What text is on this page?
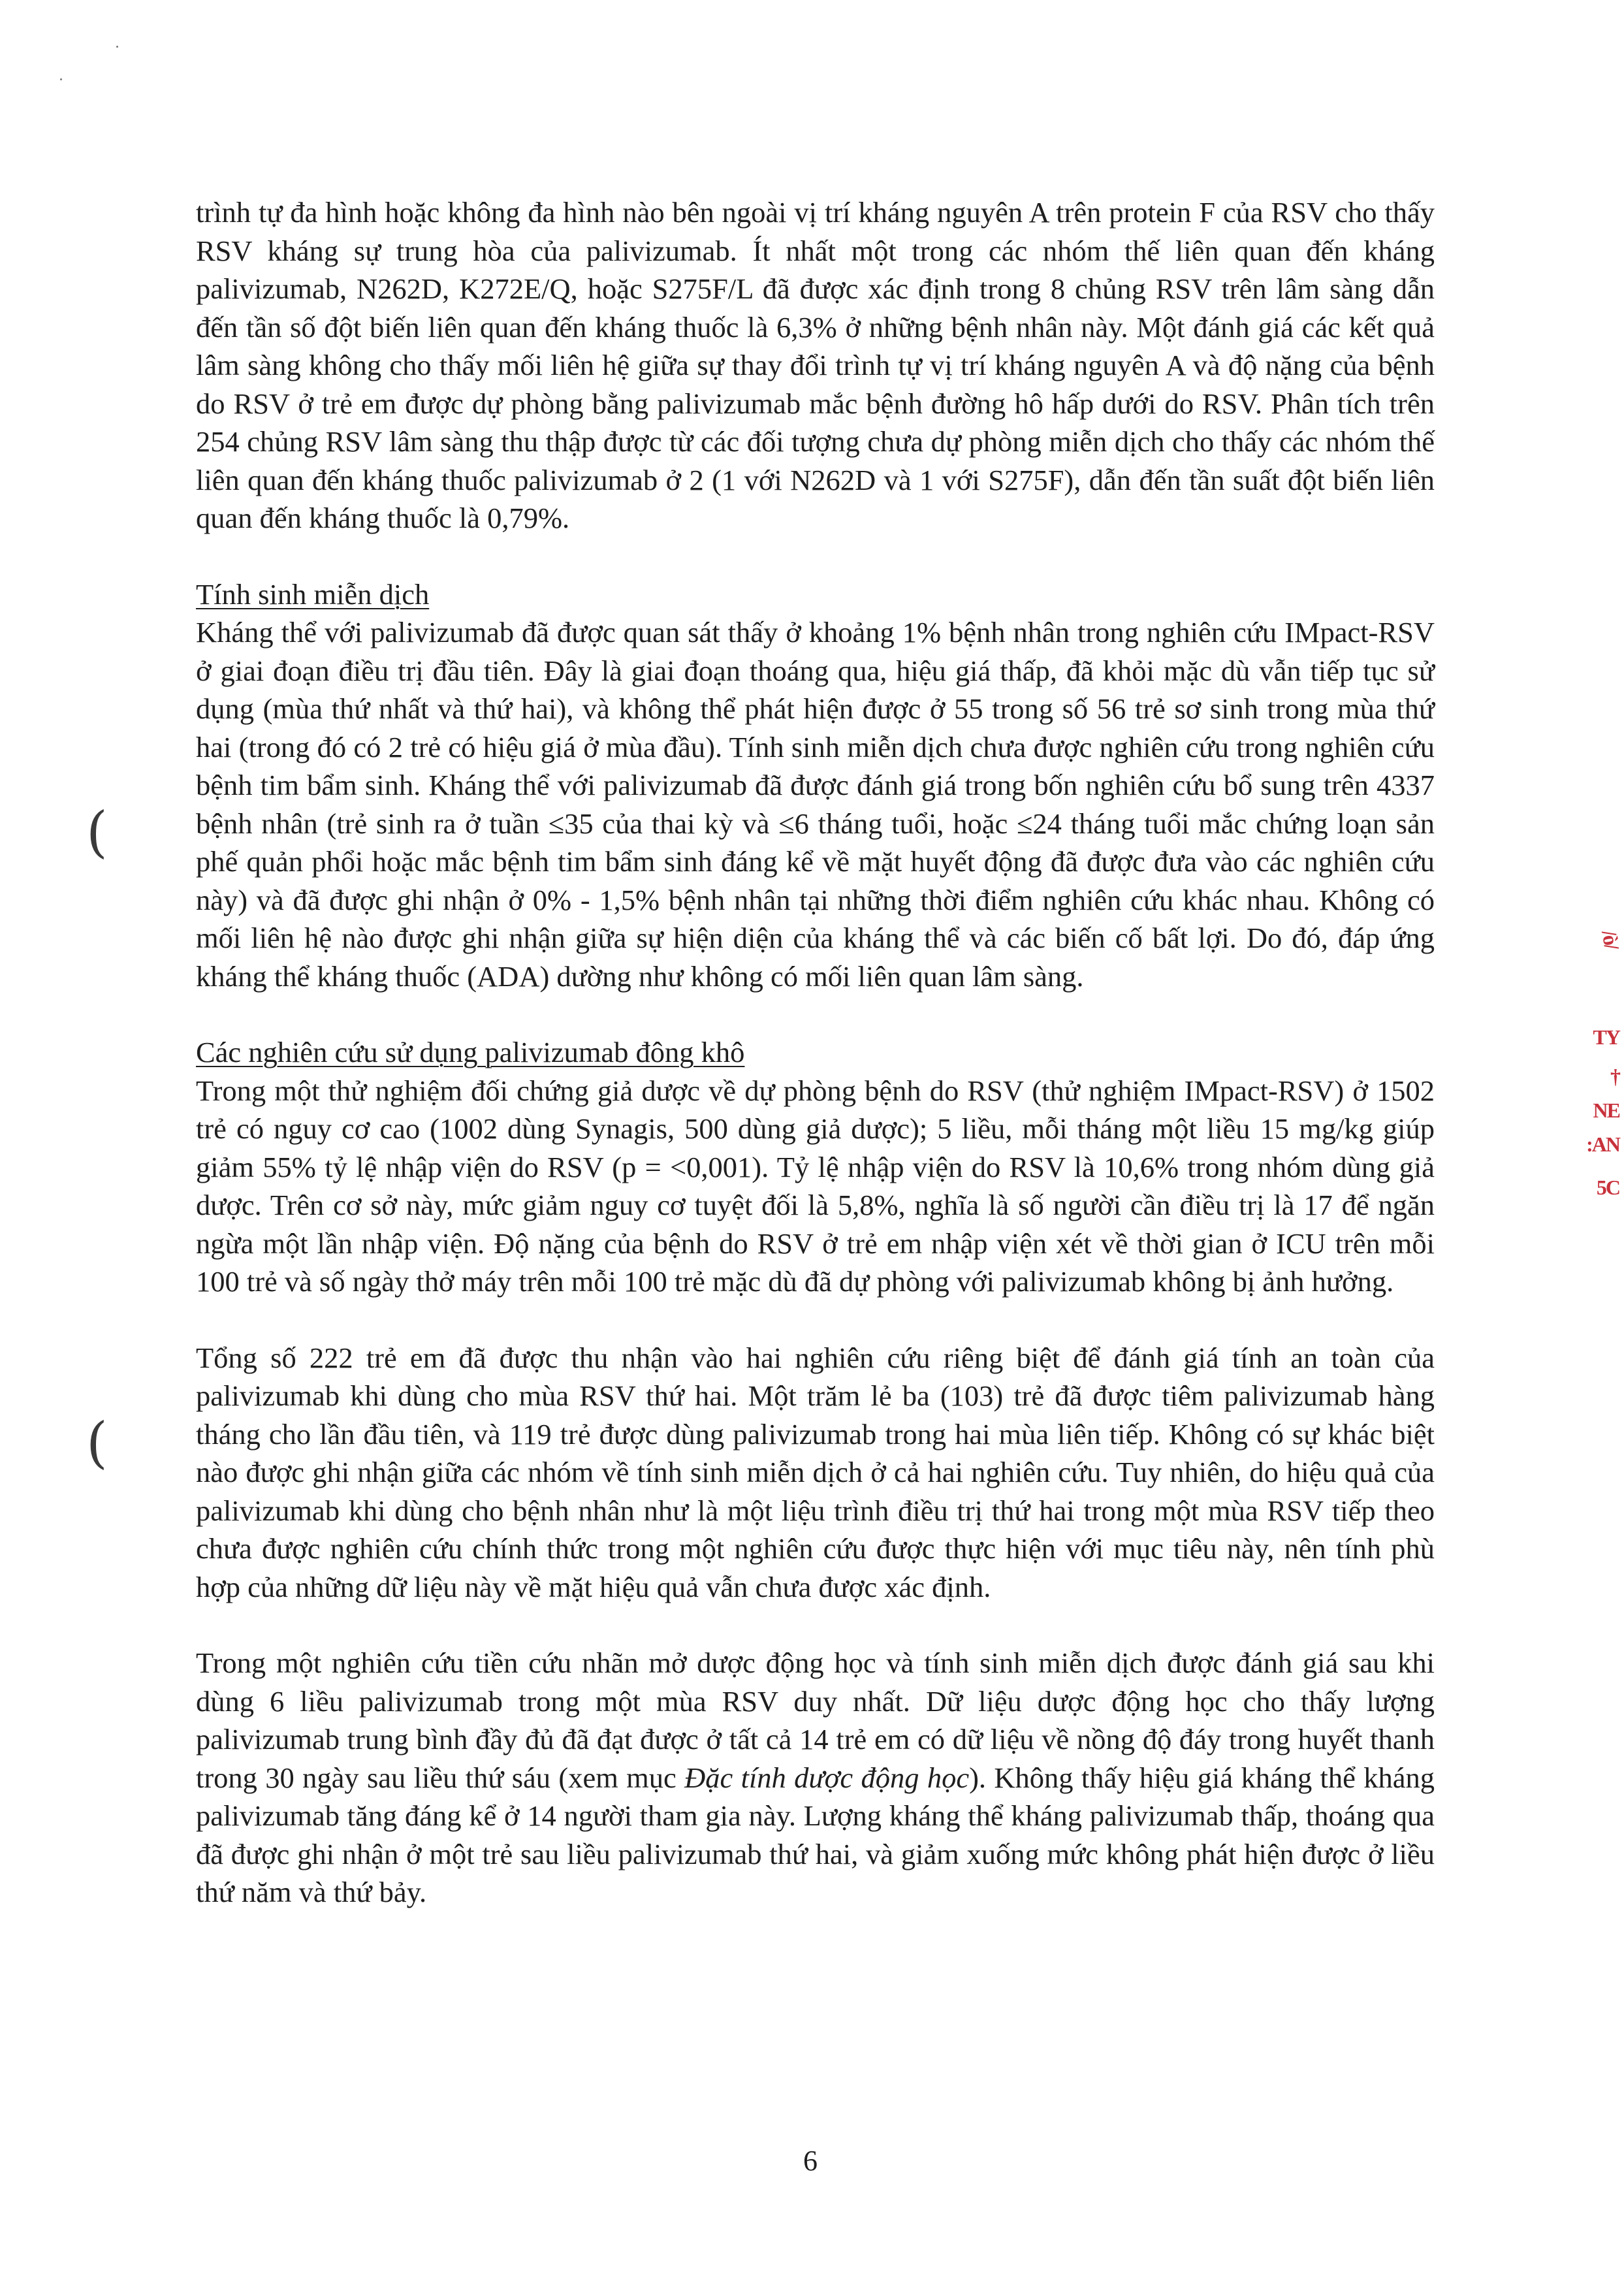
(
(
/ò/
TY
†
NE
:AN
5C

trình tự đa hình hoặc không đa hình nào bên ngoài vị trí kháng nguyên A trên protein F của RSV cho thấy RSV kháng sự trung hòa của palivizumab. Ít nhất một trong các nhóm thế liên quan đến kháng palivizumab, N262D, K272E/Q, hoặc S275F/L đã được xác định trong 8 chủng RSV trên lâm sàng dẫn đến tần số đột biến liên quan đến kháng thuốc là 6,3% ở những bệnh nhân này. Một đánh giá các kết quả lâm sàng không cho thấy mối liên hệ giữa sự thay đổi trình tự vị trí kháng nguyên A và độ nặng của bệnh do RSV ở trẻ em được dự phòng bằng palivizumab mắc bệnh đường hô hấp dưới do RSV. Phân tích trên 254 chủng RSV lâm sàng thu thập được từ các đối tượng chưa dự phòng miễn dịch cho thấy các nhóm thế liên quan đến kháng thuốc palivizumab ở 2 (1 với N262D và 1 với S275F), dẫn đến tần suất đột biến liên quan đến kháng thuốc là 0,79%.

Tính sinh miễn dịch

Kháng thể với palivizumab đã được quan sát thấy ở khoảng 1% bệnh nhân trong nghiên cứu IMpact-RSV ở giai đoạn điều trị đầu tiên. Đây là giai đoạn thoáng qua, hiệu giá thấp, đã khỏi mặc dù vẫn tiếp tục sử dụng (mùa thứ nhất và thứ hai), và không thể phát hiện được ở 55 trong số 56 trẻ sơ sinh trong mùa thứ hai (trong đó có 2 trẻ có hiệu giá ở mùa đầu). Tính sinh miễn dịch chưa được nghiên cứu trong nghiên cứu bệnh tim bẩm sinh. Kháng thể với palivizumab đã được đánh giá trong bốn nghiên cứu bổ sung trên 4337 bệnh nhân (trẻ sinh ra ở tuần ≤35 của thai kỳ và ≤6 tháng tuổi, hoặc ≤24 tháng tuổi mắc chứng loạn sản phế quản phổi hoặc mắc bệnh tim bẩm sinh đáng kể về mặt huyết động đã được đưa vào các nghiên cứu này) và đã được ghi nhận ở 0% - 1,5% bệnh nhân tại những thời điểm nghiên cứu khác nhau. Không có mối liên hệ nào được ghi nhận giữa sự hiện diện của kháng thể và các biến cố bất lợi. Do đó, đáp ứng kháng thể kháng thuốc (ADA) dường như không có mối liên quan lâm sàng.

Các nghiên cứu sử dụng palivizumab đông khô

Trong một thử nghiệm đối chứng giả dược về dự phòng bệnh do RSV (thử nghiệm IMpact-RSV) ở 1502 trẻ có nguy cơ cao (1002 dùng Synagis, 500 dùng giả dược); 5 liều, mỗi tháng một liều 15 mg/kg giúp giảm 55% tỷ lệ nhập viện do RSV (p = <0,001). Tỷ lệ nhập viện do RSV là 10,6% trong nhóm dùng giả dược. Trên cơ sở này, mức giảm nguy cơ tuyệt đối là 5,8%, nghĩa là số người cần điều trị là 17 để ngăn ngừa một lần nhập viện. Độ nặng của bệnh do RSV ở trẻ em nhập viện xét về thời gian ở ICU trên mỗi 100 trẻ và số ngày thở máy trên mỗi 100 trẻ mặc dù đã dự phòng với palivizumab không bị ảnh hưởng.

Tổng số 222 trẻ em đã được thu nhận vào hai nghiên cứu riêng biệt để đánh giá tính an toàn của palivizumab khi dùng cho mùa RSV thứ hai. Một trăm lẻ ba (103) trẻ đã được tiêm palivizumab hàng tháng cho lần đầu tiên, và 119 trẻ được dùng palivizumab trong hai mùa liên tiếp. Không có sự khác biệt nào được ghi nhận giữa các nhóm về tính sinh miễn dịch ở cả hai nghiên cứu. Tuy nhiên, do hiệu quả của palivizumab khi dùng cho bệnh nhân như là một liệu trình điều trị thứ hai trong một mùa RSV tiếp theo chưa được nghiên cứu chính thức trong một nghiên cứu được thực hiện với mục tiêu này, nên tính phù hợp của những dữ liệu này về mặt hiệu quả vẫn chưa được xác định.

Trong một nghiên cứu tiền cứu nhãn mở dược động học và tính sinh miễn dịch được đánh giá sau khi dùng 6 liều palivizumab trong một mùa RSV duy nhất. Dữ liệu dược động học cho thấy lượng palivizumab trung bình đầy đủ đã đạt được ở tất cả 14 trẻ em có dữ liệu về nồng độ đáy trong huyết thanh trong 30 ngày sau liều thứ sáu (xem mục Đặc tính dược động học). Không thấy hiệu giá kháng thể kháng palivizumab tăng đáng kể ở 14 người tham gia này. Lượng kháng thể kháng palivizumab thấp, thoáng qua đã được ghi nhận ở một trẻ sau liều palivizumab thứ hai, và giảm xuống mức không phát hiện được ở liều thứ năm và thứ bảy.

6
